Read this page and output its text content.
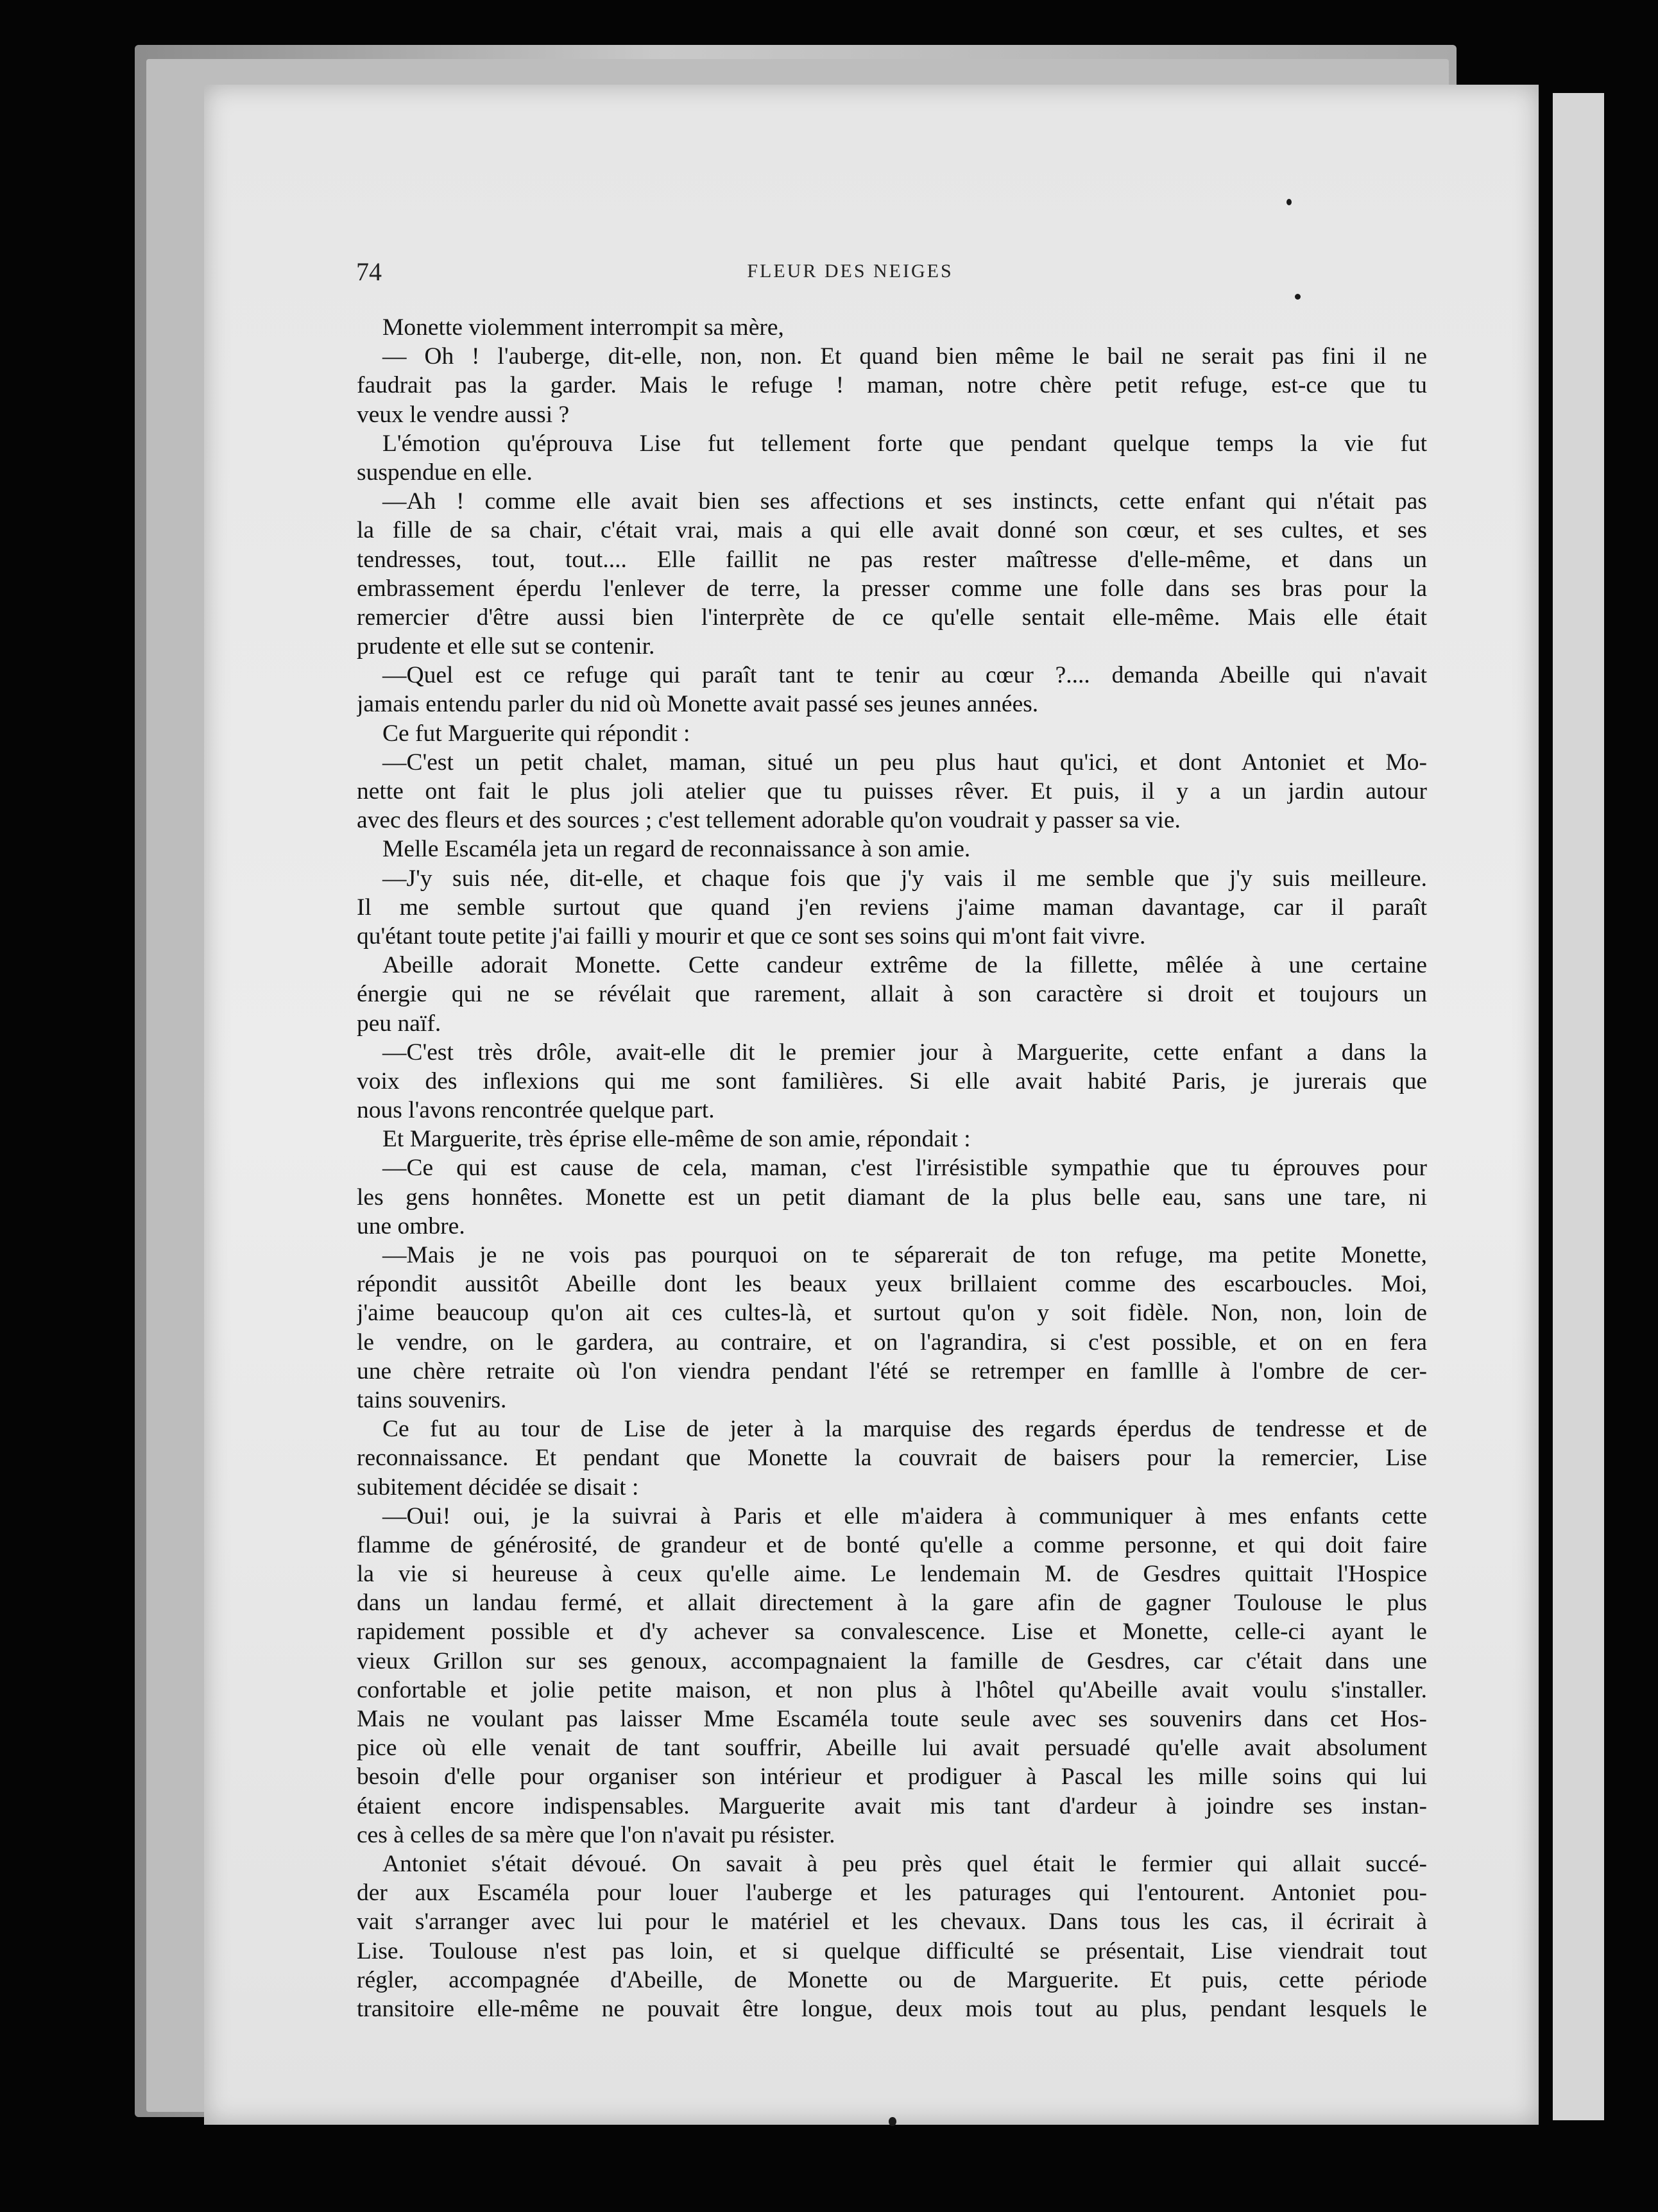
74	FLEUR DES NEIGES
Monette violemment interrompit sa mère,
— Oh ! l'auberge, dit-elle, non, non. Et quand bien même le bail ne serait pas fini il ne
faudrait pas la garder. Mais le refuge ! maman, notre chère petit refuge, est-ce que tu
veux le vendre aussi ?
L'émotion qu'éprouva Lise fut tellement forte que pendant quelque temps la vie fut
suspendue en elle.
—Ah ! comme elle avait bien ses affections et ses instincts, cette enfant qui n'était pas
la fille de sa chair, c'était vrai, mais a qui elle avait donné son cœur, et ses cultes, et ses
tendresses, tout, tout.... Elle faillit ne pas rester maîtresse d'elle-même, et dans un
embrassement éperdu l'enlever de terre, la presser comme une folle dans ses bras pour la
remercier d'être aussi bien l'interprète de ce qu'elle sentait elle-même. Mais elle était
prudente et elle sut se contenir.
—Quel est ce refuge qui paraît tant te tenir au cœur ?.... demanda Abeille qui n'avait
jamais entendu parler du nid où Monette avait passé ses jeunes années.
Ce fut Marguerite qui répondit :
—C'est un petit chalet, maman, situé un peu plus haut qu'ici, et dont Antoniet et Mo-
nette ont fait le plus joli atelier que tu puisses rêver. Et puis, il y a un jardin autour
avec des fleurs et des sources ; c'est tellement adorable qu'on voudrait y passer sa vie.
Melle Escaméla jeta un regard de reconnaissance à son amie.
—J'y suis née, dit-elle, et chaque fois que j'y vais il me semble que j'y suis meilleure.
Il me semble surtout que quand j'en reviens j'aime maman davantage, car il paraît
qu'étant toute petite j'ai failli y mourir et que ce sont ses soins qui m'ont fait vivre.
Abeille adorait Monette. Cette candeur extrême de la fillette, mêlée à une certaine
énergie qui ne se révélait que rarement, allait à son caractère si droit et toujours un
peu naïf.
—C'est très drôle, avait-elle dit le premier jour à Marguerite, cette enfant a dans la
voix des inflexions qui me sont familières. Si elle avait habité Paris, je jurerais que
nous l'avons rencontrée quelque part.
Et Marguerite, très éprise elle-même de son amie, répondait :
—Ce qui est cause de cela, maman, c'est l'irrésistible sympathie que tu éprouves pour
les gens honnêtes. Monette est un petit diamant de la plus belle eau, sans une tare, ni
une ombre.
—Mais je ne vois pas pourquoi on te séparerait de ton refuge, ma petite Monette,
répondit aussitôt Abeille dont les beaux yeux brillaient comme des escarboucles. Moi,
j'aime beaucoup qu'on ait ces cultes-là, et surtout qu'on y soit fidèle. Non, non, loin de
le vendre, on le gardera, au contraire, et on l'agrandira, si c'est possible, et on en fera
une chère retraite où l'on viendra pendant l'été se retremper en famllle à l'ombre de cer-
tains souvenirs.
Ce fut au tour de Lise de jeter à la marquise des regards éperdus de tendresse et de
reconnaissance. Et pendant que Monette la couvrait de baisers pour la remercier, Lise
subitement décidée se disait :
—Oui! oui, je la suivrai à Paris et elle m'aidera à communiquer à mes enfants cette
flamme de générosité, de grandeur et de bonté qu'elle a comme personne, et qui doit faire
la vie si heureuse à ceux qu'elle aime. Le lendemain M. de Gesdres quittait l'Hospice
dans un landau fermé, et allait directement à la gare afin de gagner Toulouse le plus
rapidement possible et d'y achever sa convalescence. Lise et Monette, celle-ci ayant le
vieux Grillon sur ses genoux, accompagnaient la famille de Gesdres, car c'était dans une
confortable et jolie petite maison, et non plus à l'hôtel qu'Abeille avait voulu s'installer.
Mais ne voulant pas laisser Mme Escaméla toute seule avec ses souvenirs dans cet Hos-
pice où elle venait de tant souffrir, Abeille lui avait persuadé qu'elle avait absolument
besoin d'elle pour organiser son intérieur et prodiguer à Pascal les mille soins qui lui
étaient encore indispensables. Marguerite avait mis tant d'ardeur à joindre ses instan-
ces à celles de sa mère que l'on n'avait pu résister.
Antoniet s'était dévoué. On savait à peu près quel était le fermier qui allait succé-
der aux Escaméla pour louer l'auberge et les paturages qui l'entourent. Antoniet pou-
vait s'arranger avec lui pour le matériel et les chevaux. Dans tous les cas, il écrirait à
Lise. Toulouse n'est pas loin, et si quelque difficulté se présentait, Lise viendrait tout
régler, accompagnée d'Abeille, de Monette ou de Marguerite. Et puis, cette période
transitoire elle-même ne pouvait être longue, deux mois tout au plus, pendant lesquels le
